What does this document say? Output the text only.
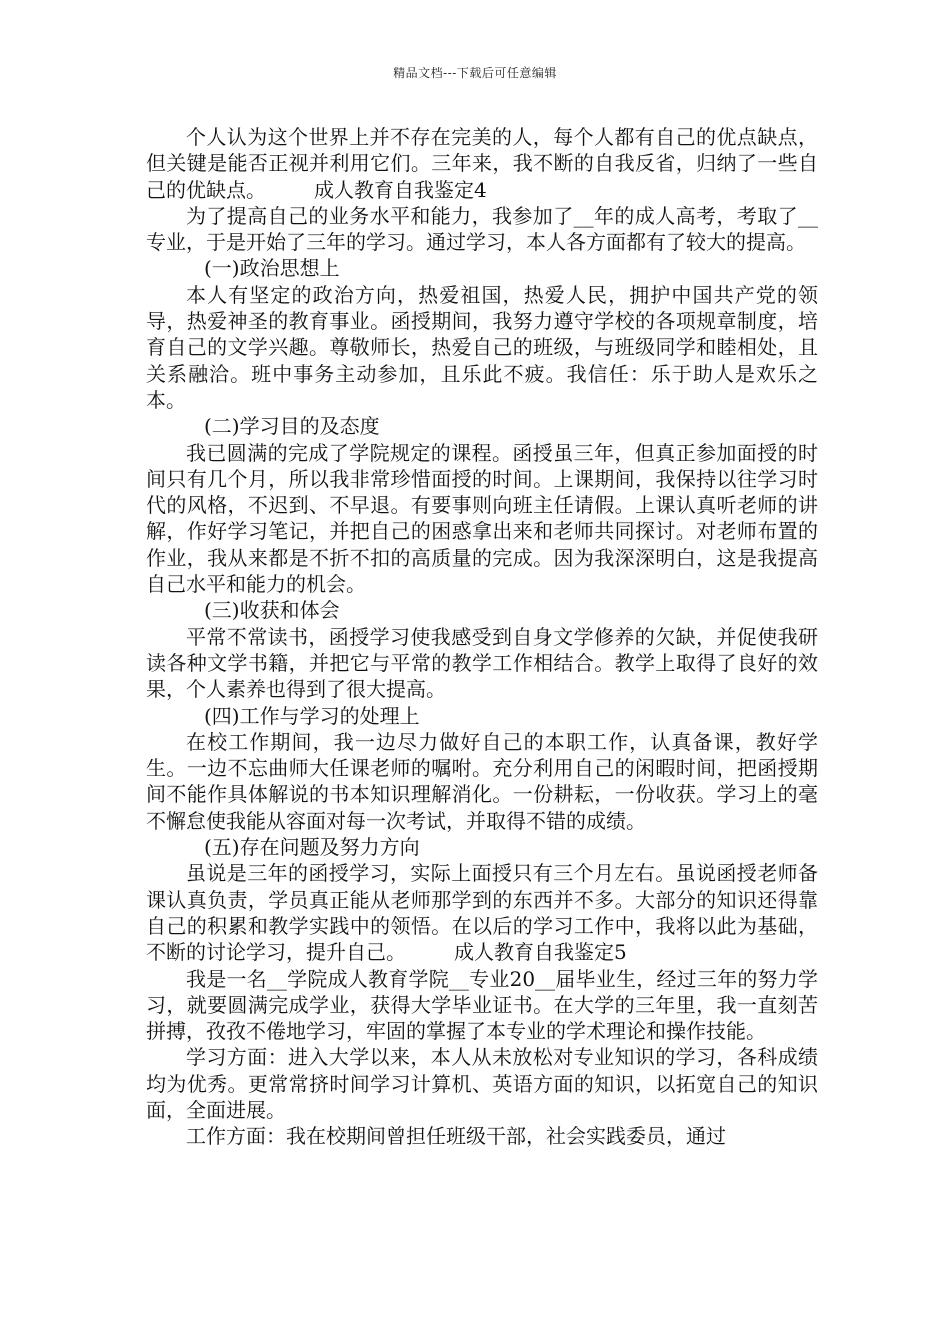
精品文档---下载后可任意编辑

个人认为这个世界上并不存在完美的人，每个人都有自己的优点缺点，但关键是能否正视并利用它们。三年来，我不断的自我反省，归纳了一些自己的优缺点。 成人教育自我鉴定4

为了提高自己的业务水平和能力，我参加了__年的成人高考，考取了__专业，于是开始了三年的学习。通过学习，本人各方面都有了较大的提高。

(一)政治思想上

本人有坚定的政治方向，热爱祖国，热爱人民，拥护中国共产党的领导，热爱神圣的教育事业。函授期间，我努力遵守学校的各项规章制度，培育自己的文学兴趣。尊敬师长，热爱自己的班级，与班级同学和睦相处，且关系融洽。班中事务主动参加，且乐此不疲。我信任：乐于助人是欢乐之本。

(二)学习目的及态度

我已圆满的完成了学院规定的课程。函授虽三年，但真正参加面授的时间只有几个月，所以我非常珍惜面授的时间。上课期间，我保持以往学习时代的风格，不迟到、不早退。有要事则向班主任请假。上课认真听老师的讲解，作好学习笔记，并把自己的困惑拿出来和老师共同探讨。对老师布置的作业，我从来都是不折不扣的高质量的完成。因为我深深明白，这是我提高自己水平和能力的机会。

(三)收获和体会

平常不常读书，函授学习使我感受到自身文学修养的欠缺，并促使我研读各种文学书籍，并把它与平常的教学工作相结合。教学上取得了良好的效果，个人素养也得到了很大提高。

(四)工作与学习的处理上

在校工作期间，我一边尽力做好自己的本职工作，认真备课，教好学生。一边不忘曲师大任课老师的嘱咐。充分利用自己的闲暇时间，把函授期间不能作具体解说的书本知识理解消化。一份耕耘，一份收获。学习上的毫不懈怠使我能从容面对每一次考试，并取得不错的成绩。

(五)存在问题及努力方向

虽说是三年的函授学习，实际上面授只有三个月左右。虽说函授老师备课认真负责，学员真正能从老师那学到的东西并不多。大部分的知识还得靠自己的积累和教学实践中的领悟。在以后的学习工作中，我将以此为基础，不断的讨论学习，提升自己。 成人教育自我鉴定5

我是一名__学院成人教育学院__专业20__届毕业生，经过三年的努力学习，就要圆满完成学业，获得大学毕业证书。在大学的三年里，我一直刻苦拼搏，孜孜不倦地学习，牢固的掌握了本专业的学术理论和操作技能。

学习方面：进入大学以来，本人从未放松对专业知识的学习，各科成绩均为优秀。更常常挤时间学习计算机、英语方面的知识，以拓宽自己的知识面，全面进展。

工作方面：我在校期间曾担任班级干部，社会实践委员，通过
